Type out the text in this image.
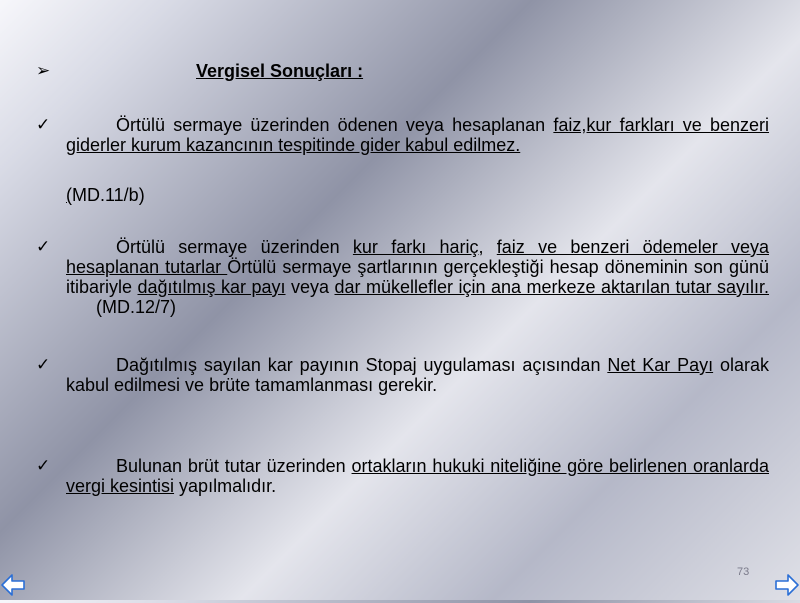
➢	Vergisel Sonuçları :
✓	Örtülü sermaye üzerinden ödenen veya hesaplanan faiz,kur farkları ve benzeri giderler kurum kazancının tespitinde gider kabul edilmez.
(MD.11/b)
✓	Örtülü sermaye üzerinden kur farkı hariç, faiz ve benzeri ödemeler veya hesaplanan tutarlar Örtülü sermaye şartlarının gerçekleştiği hesap döneminin son günü itibariyle dağıtılmış kar payı veya dar mükellefler için ana merkeze aktarılan tutar sayılır.      (MD.12/7)
✓	Dağıtılmış sayılan kar payının Stopaj uygulaması açısından Net Kar Payı olarak kabul edilmesi ve brüte tamamlanması gerekir.
✓	Bulunan brüt tutar üzerinden ortakların hukuki niteliğine göre belirlenen oranlarda vergi kesintisi yapılmalıdır.
73
